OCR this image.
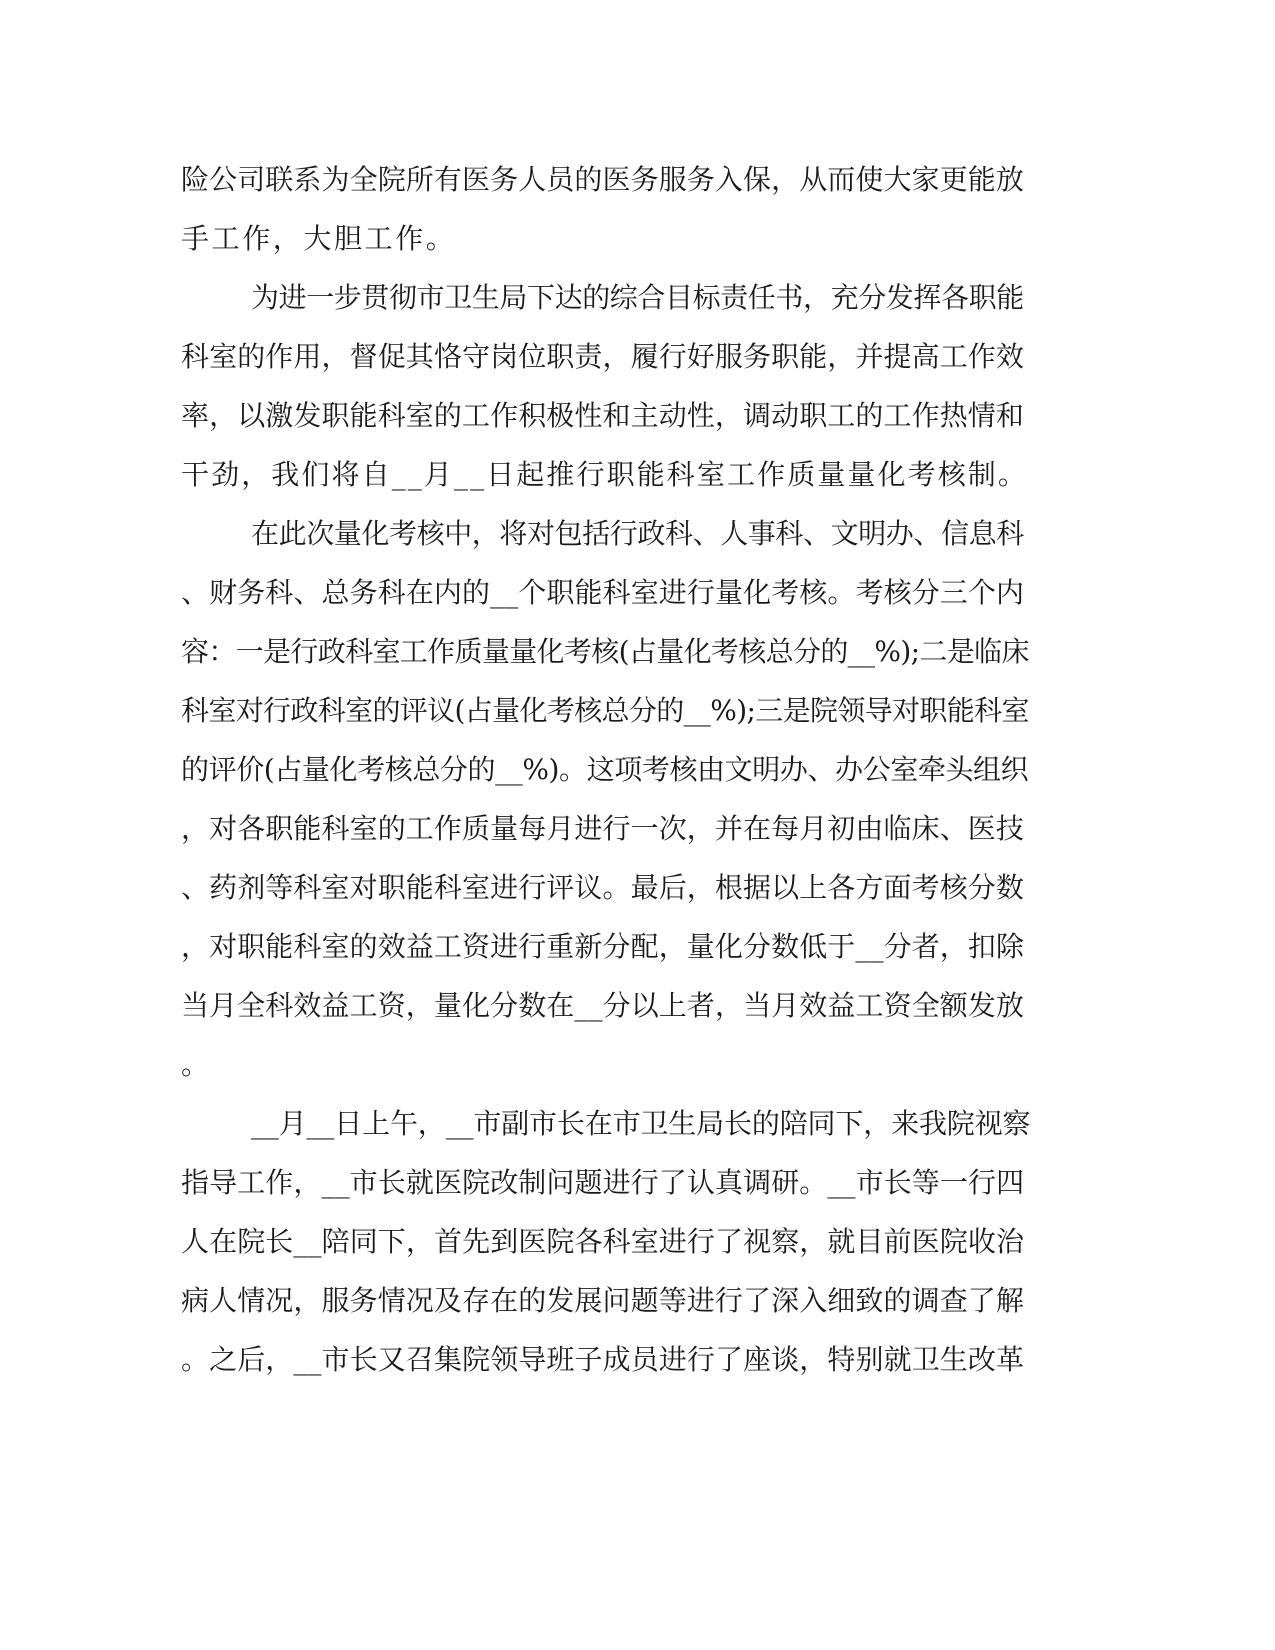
险公司联系为全院所有医务人员的医务服务入保，从而使大家更能放
手工作，大胆工作。
为进一步贯彻市卫生局下达的综合目标责任书，充分发挥各职能
科室的作用，督促其恪守岗位职责，履行好服务职能，并提高工作效
率，以激发职能科室的工作积极性和主动性，调动职工的工作热情和
干劲，我们将自__月__日起推行职能科室工作质量量化考核制。
在此次量化考核中，将对包括行政科、人事科、文明办、信息科
、财务科、总务科在内的__个职能科室进行量化考核。考核分三个内
容：一是行政科室工作质量量化考核(占量化考核总分的__%);二是临床
科室对行政科室的评议(占量化考核总分的__%);三是院领导对职能科室
的评价(占量化考核总分的__%)。这项考核由文明办、办公室牵头组织
，对各职能科室的工作质量每月进行一次，并在每月初由临床、医技
、药剂等科室对职能科室进行评议。最后，根据以上各方面考核分数
，对职能科室的效益工资进行重新分配，量化分数低于__分者，扣除
当月全科效益工资，量化分数在__分以上者，当月效益工资全额发放
。
__月__日上午，__市副市长在市卫生局长的陪同下，来我院视察
指导工作，__市长就医院改制问题进行了认真调研。__市长等一行四
人在院长__陪同下，首先到医院各科室进行了视察，就目前医院收治
病人情况，服务情况及存在的发展问题等进行了深入细致的调查了解
。之后，__市长又召集院领导班子成员进行了座谈，特别就卫生改革
